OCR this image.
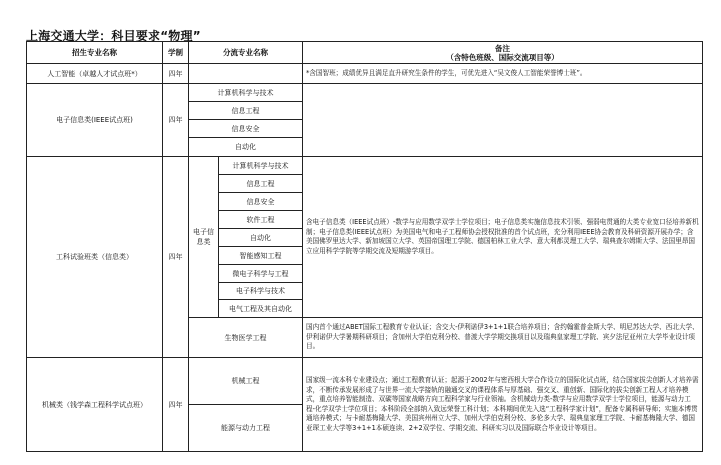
上海交通大学：科目要求“物理”
招生专业名称	学制	分流专业名称		备注
（含特色班级、国际交流项目等）

人工智能（卓越人才试点班*）	四年			*含国智班；成绩优异且满足直升研究生条件的学生，可优先进入“吴文俊人工智能荣誉博士班”。
电子信息类(IEEE试点班)	四年	计算机科学与技术		
		信息工程		
		信息安全		
		自动化		
工科试验班类（信息类）	四年	电子信息类	计算机科学与技术	含电子信息类（IEEE试点班）-数学与应用数学双学士学位项目；电子信息类实施信息技术引领、强弱电贯通的大类专业宽口径培养新机制；电子信息类(IEEE试点班）为美国电气和电子工程师协会授权批准的首个试点班，充分利用IEEE协会教育及科研资源开展办学；含美国佛罗里达大学、新加坡国立大学、英国帝国理工学院、德国柏林工业大学、意大利都灵理工大学、瑞典查尔姆斯大学、法国里昂国立应用科学学院等学期交流及短期游学项目。
			信息工程	
			信息安全	
			软件工程	
			自动化	
			智能感知工程	
			微电子科学与工程	
			电子科学与技术	
			电气工程及其自动化	
		生物医学工程		国内首个通过ABET国际工程教育专业认证；含交大-伊利诺伊3+1+1联合培养项目；含约翰霍普金斯大学、明尼苏达大学、西北大学、伊利诺伊大学暑期科研项目；含加州大学伯克利分校、普渡大学学期交换项目以及瑞典皇家理工学院、宾夕法尼亚州立大学毕业设计项目。
机械类（钱学森工程科学试点班）	四年	机械工程		国家级一流本科专业建设点；通过工程教育认证；起源于2002年与密西根大学合作设立的国际化试点班，结合国家拔尖创新人才培养需求，不断传承发展形成了与世界一流大学接轨的融通交叉的课程体系与厚基础、强交叉、重创新、国际化的拔尖创新工程人才培养模式，重点培养智能制造、双碳等国家战略方向工程科学家与行业领袖。含机械动力类-数学与应用数学双学士学位项目，能源与动力工程-化学双学士学位项目；本科阶段全部纳入致远荣誉工科计划；本科期间优先入选“工程科学家计划”，配备专属科研导师；实施本博贯通培养模式；与卡耐基梅隆大学、美国宾州州立大学、加州大学伯克利分校、多伦多大学、瑞典皇家理工学院、卡耐基梅隆大学、德国亚琛工业大学等3+1+1本硕连读、2+2双学位、学期交流、科研实习以及国际联合毕业设计等项目。
		能源与动力工程		
